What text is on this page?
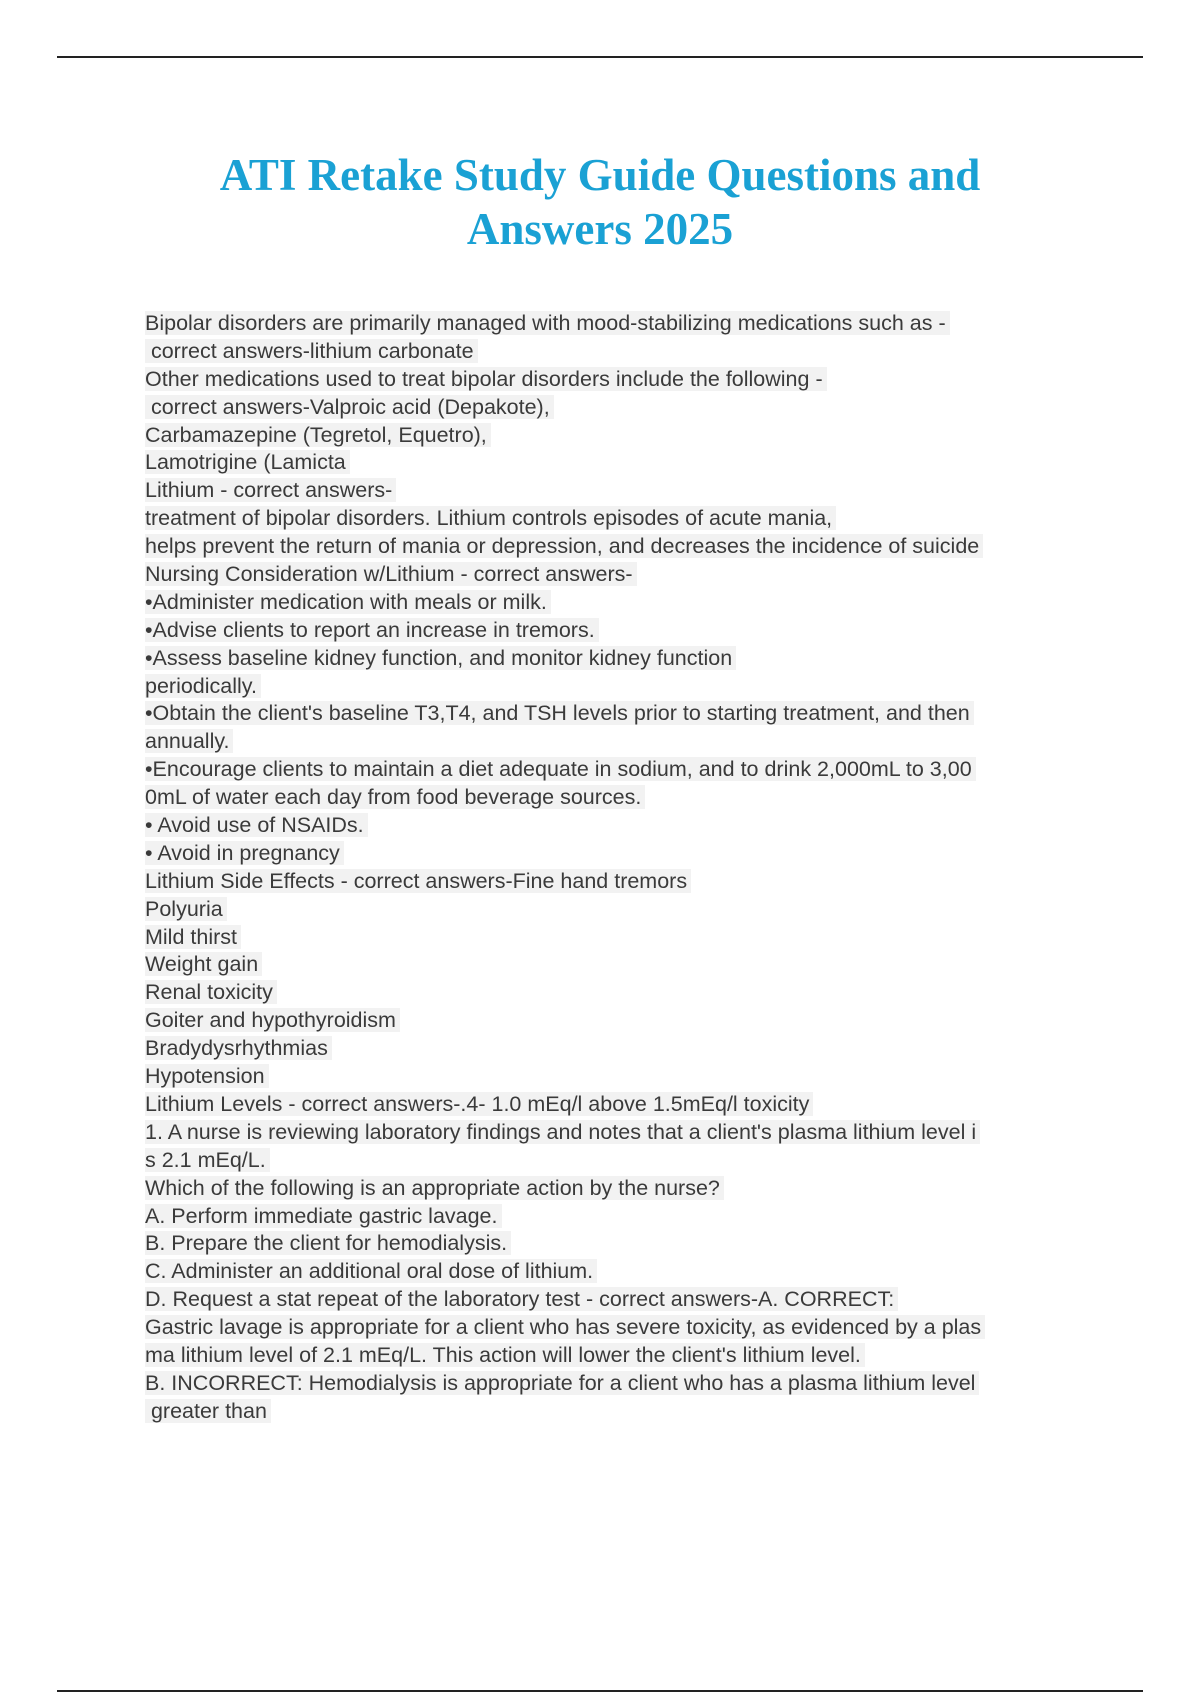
ATI Retake Study Guide Questions and
Answers 2025
Bipolar disorders are primarily managed with mood-stabilizing medications such as -
correct answers-lithium carbonate
Other medications used to treat bipolar disorders include the following -
correct answers-Valproic acid (Depakote),
Carbamazepine (Tegretol, Equetro),
Lamotrigine (Lamicta
Lithium - correct answers-
treatment of bipolar disorders. Lithium controls episodes of acute mania,
helps prevent the return of mania or depression, and decreases the incidence of suicide
Nursing Consideration w/Lithium - correct answers-
•Administer medication with meals or milk.
•Advise clients to report an increase in tremors.
•Assess baseline kidney function, and monitor kidney function
periodically.
•Obtain the client's baseline T3,T4, and TSH levels prior to starting treatment, and then
annually.
•Encourage clients to maintain a diet adequate in sodium, and to drink 2,000mL to 3,00
0mL of water each day from food beverage sources.
• Avoid use of NSAIDs.
• Avoid in pregnancy
Lithium Side Effects - correct answers-Fine hand tremors
Polyuria
Mild thirst
Weight gain
Renal toxicity
Goiter and hypothyroidism
Bradydysrhythmias
Hypotension
Lithium Levels - correct answers-.4- 1.0 mEq/l above 1.5mEq/l toxicity
1. A nurse is reviewing laboratory findings and notes that a client's plasma lithium level i
s 2.1 mEq/L.
Which of the following is an appropriate action by the nurse?
A. Perform immediate gastric lavage.
B. Prepare the client for hemodialysis.
C. Administer an additional oral dose of lithium.
D. Request a stat repeat of the laboratory test - correct answers-A. CORRECT:
Gastric lavage is appropriate for a client who has severe toxicity, as evidenced by a plas
ma lithium level of 2.1 mEq/L. This action will lower the client's lithium level.
B. INCORRECT: Hemodialysis is appropriate for a client who has a plasma lithium level
greater than
